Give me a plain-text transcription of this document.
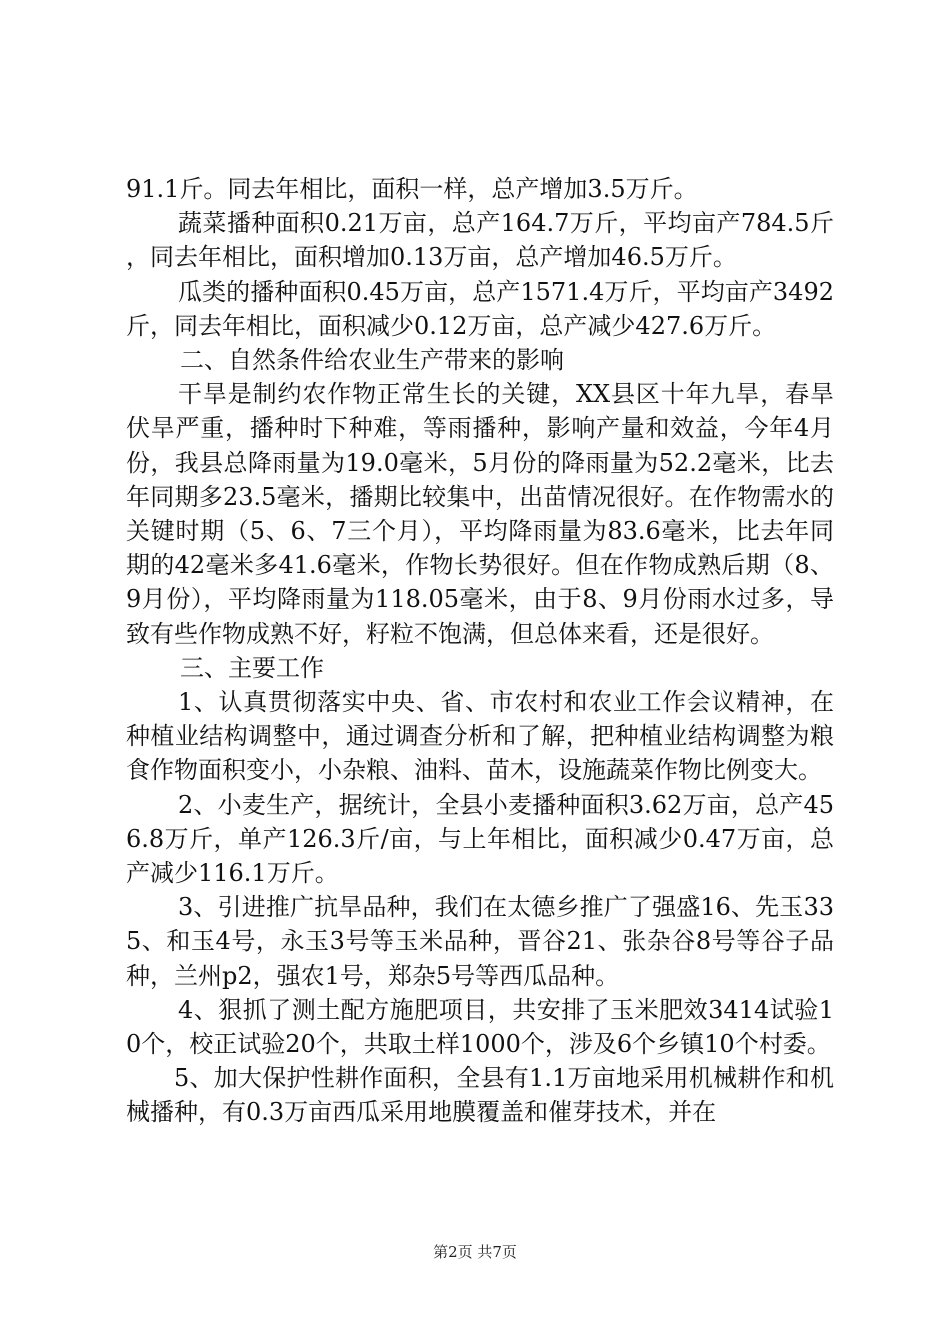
91.1斤。同去年相比，面积一样，总产增加3.5万斤。

蔬菜播种面积0.21万亩，总产164.7万斤，平均亩产784.5斤，同去年相比，面积增加0.13万亩，总产增加46.5万斤。

瓜类的播种面积0.45万亩，总产1571.4万斤，平均亩产3492斤，同去年相比，面积减少0.12万亩，总产减少427.6万斤。

二、自然条件给农业生产带来的影响

干旱是制约农作物正常生长的关键，XX县区十年九旱，春旱伏旱严重，播种时下种难，等雨播种，影响产量和效益，今年4月份，我县总降雨量为19.0毫米，5月份的降雨量为52.2毫米，比去年同期多23.5毫米，播期比较集中，出苗情况很好。在作物需水的关键时期（5、6、7三个月），平均降雨量为83.6毫米，比去年同期的42毫米多41.6毫米，作物长势很好。但在作物成熟后期（8、9月份），平均降雨量为118.05毫米，由于8、9月份雨水过多，导致有些作物成熟不好，籽粒不饱满，但总体来看，还是很好。

三、主要工作

1、认真贯彻落实中央、省、市农村和农业工作会议精神，在种植业结构调整中，通过调查分析和了解，把种植业结构调整为粮食作物面积变小，小杂粮、油料、苗木，设施蔬菜作物比例变大。

2、小麦生产，据统计，全县小麦播种面积3.62万亩，总产456.8万斤，单产126.3斤/亩，与上年相比，面积减少0.47万亩，总产减少116.1万斤。

3、引进推广抗旱品种，我们在太德乡推广了强盛16、先玉335、和玉4号，永玉3号等玉米品种，晋谷21、张杂谷8号等谷子品种，兰州p2，强农1号，郑杂5号等西瓜品种。

4、狠抓了测土配方施肥项目，共安排了玉米肥效3414试验10个，校正试验20个，共取土样1000个，涉及6个乡镇10个村委。

5、加大保护性耕作面积，全县有1.1万亩地采用机械耕作和机械播种，有0.3万亩西瓜采用地膜覆盖和催芽技术，并在

第2页 共7页
